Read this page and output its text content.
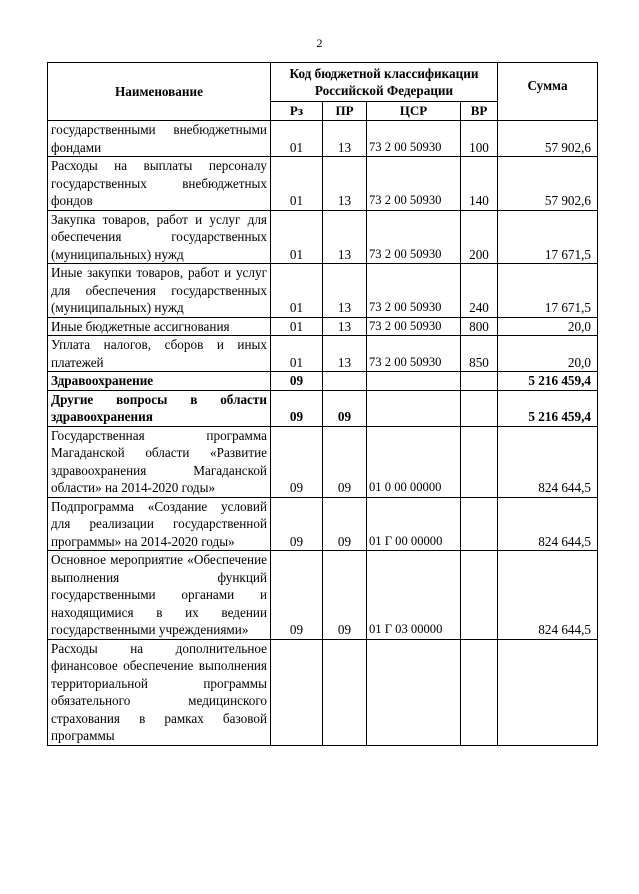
2
Наименование	Код бюджетной классификации Российской Федерации				Сумма
	Рз	ПР	ЦСР	ВР	
государственными внебюджетными фондами	01	13	73 2 00 50930	100	57 902,6
Расходы на выплаты персоналу государственных внебюджетных фондов	01	13	73 2 00 50930	140	57 902,6
Закупка товаров, работ и услуг для обеспечения государственных (муниципальных) нужд	01	13	73 2 00 50930	200	17 671,5
Иные закупки товаров, работ и услуг для обеспечения государственных (муниципальных) нужд	01	13	73 2 00 50930	240	17 671,5
Иные бюджетные ассигнования	01	13	73 2 00 50930	800	20,0
Уплата налогов, сборов и иных платежей	01	13	73 2 00 50930	850	20,0
Здравоохранение	09				5 216 459,4
Другие вопросы в области здравоохранения	09	09			5 216 459,4
Государственная программа Магаданской области «Развитие здравоохранения Магаданской области» на 2014-2020 годы»	09	09	01 0 00 00000		824 644,5
Подпрограмма «Создание условий для реализации государственной программы» на 2014-2020 годы»	09	09	01 Г 00 00000		824 644,5
Основное мероприятие «Обеспечение выполнения функций государственными органами и находящимися в их ведении государственными учреждениями»	09	09	01 Г 03 00000		824 644,5
Расходы на дополнительное финансовое обеспечение выполнения территориальной программы обязательного медицинского страхования в рамках базовой программы					
